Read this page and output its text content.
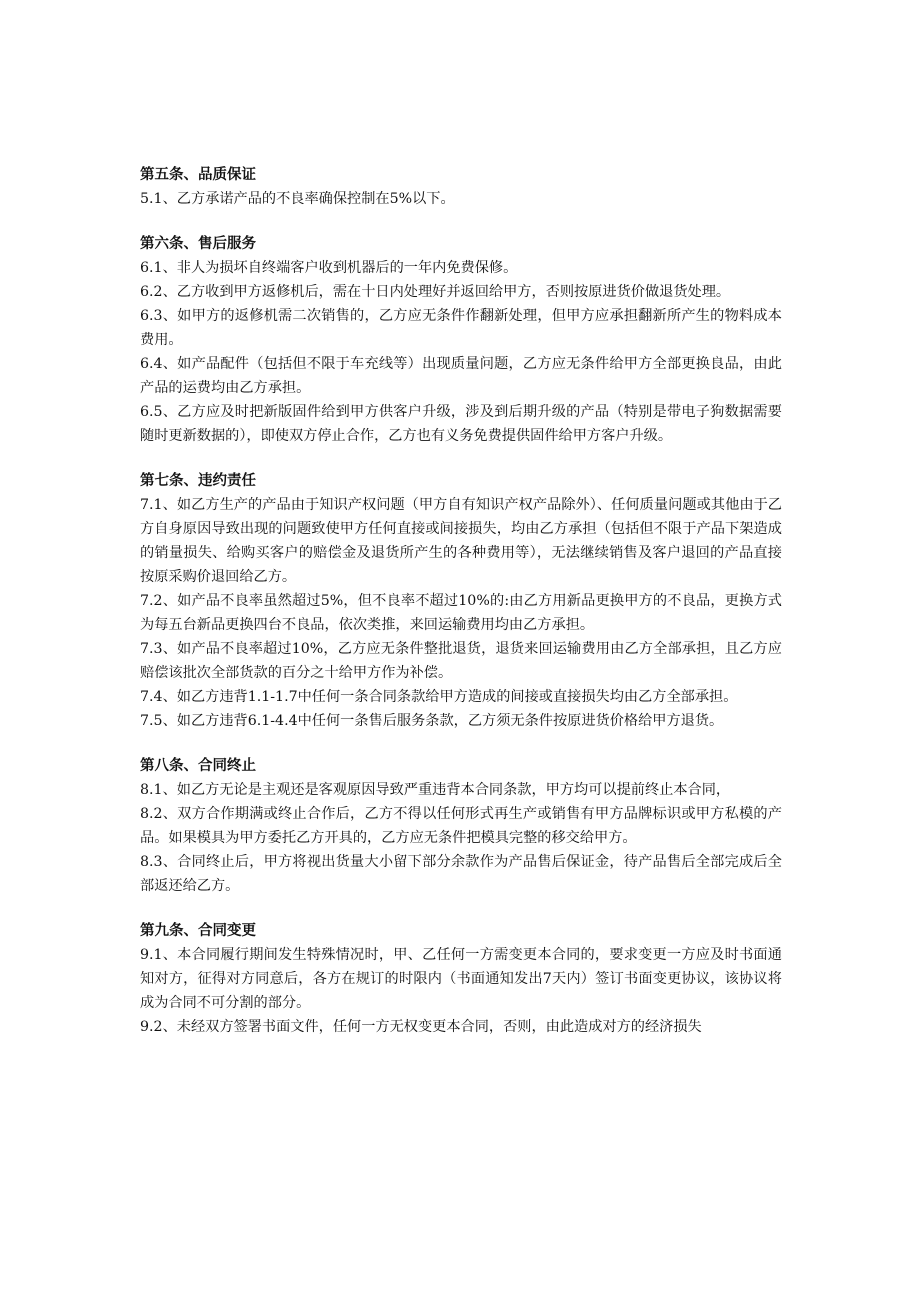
第五条、品质保证

5.1、乙方承诺产品的不良率确保控制在5%以下。

第六条、售后服务

6.1、非人为损坏自终端客户收到机器后的一年内免费保修。

6.2、乙方收到甲方返修机后，需在十日内处理好并返回给甲方，否则按原进货价做退货处理。

6.3、如甲方的返修机需二次销售的，乙方应无条件作翻新处理，但甲方应承担翻新所产生的物料成本费用。

6.4、如产品配件（包括但不限于车充线等）出现质量问题，乙方应无条件给甲方全部更换良品，由此产品的运费均由乙方承担。

6.5、乙方应及时把新版固件给到甲方供客户升级，涉及到后期升级的产品（特别是带电子狗数据需要随时更新数据的），即使双方停止合作，乙方也有义务免费提供固件给甲方客户升级。

第七条、违约责任

7.1、如乙方生产的产品由于知识产权问题（甲方自有知识产权产品除外）、任何质量问题或其他由于乙方自身原因导致出现的问题致使甲方任何直接或间接损失，均由乙方承担（包括但不限于产品下架造成的销量损失、给购买客户的赔偿金及退货所产生的各种费用等），无法继续销售及客户退回的产品直接按原采购价退回给乙方。

7.2、如产品不良率虽然超过5%，但不良率不超过10%的:由乙方用新品更换甲方的不良品，更换方式为每五台新品更换四台不良品，依次类推，来回运输费用均由乙方承担。

7.3、如产品不良率超过10%，乙方应无条件整批退货，退货来回运输费用由乙方全部承担，且乙方应赔偿该批次全部货款的百分之十给甲方作为补偿。

7.4、如乙方违背1.1-1.7中任何一条合同条款给甲方造成的间接或直接损失均由乙方全部承担。

7.5、如乙方违背6.1-4.4中任何一条售后服务条款，乙方须无条件按原进货价格给甲方退货。

第八条、合同终止

8.1、如乙方无论是主观还是客观原因导致严重违背本合同条款，甲方均可以提前终止本合同，

8.2、双方合作期满或终止合作后，乙方不得以任何形式再生产或销售有甲方品牌标识或甲方私模的产品。如果模具为甲方委托乙方开具的，乙方应无条件把模具完整的移交给甲方。

8.3、合同终止后，甲方将视出货量大小留下部分余款作为产品售后保证金，待产品售后全部完成后全部返还给乙方。

第九条、合同变更

9.1、本合同履行期间发生特殊情况时，甲、乙任何一方需变更本合同的，要求变更一方应及时书面通知对方，征得对方同意后，各方在规订的时限内（书面通知发出7天内）签订书面变更协议，该协议将成为合同不可分割的部分。

9.2、未经双方签署书面文件，任何一方无权变更本合同，否则，由此造成对方的经济损失
